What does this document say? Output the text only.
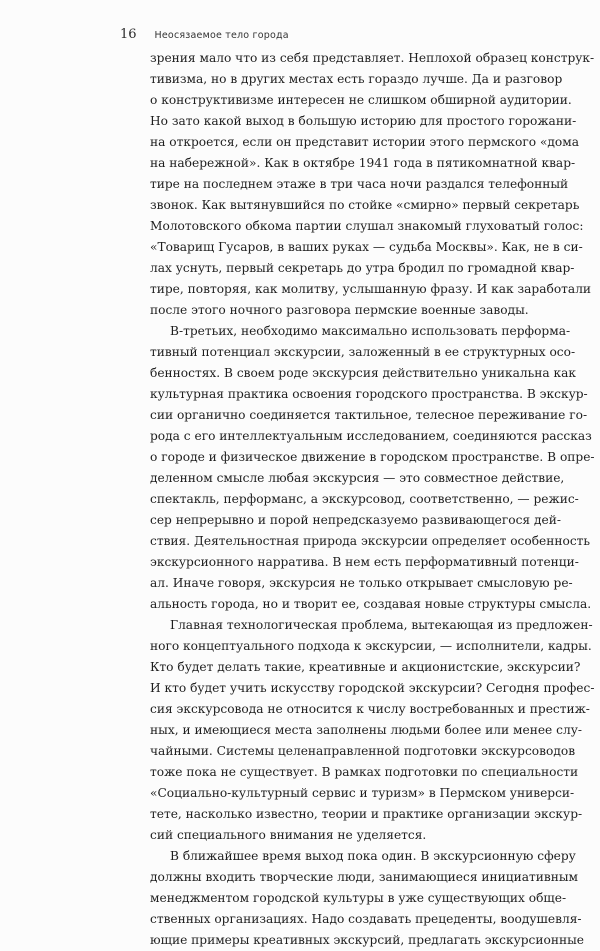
16 Неосязаемое тело города
зрения мало что из себя представляет. Неплохой образец конструк-
тивизма, но в других местах есть гораздо лучше. Да и разговор
о конструктивизме интересен не слишком обширной аудитории.
Но зато какой выход в большую историю для простого горожани-
на откроется, если он представит истории этого пермского «дома
на набережной». Как в октябре 1941 года в пятикомнатной квар-
тире на последнем этаже в три часа ночи раздался телефонный
звонок. Как вытянувшийся по стойке «смирно» первый секретарь
Молотовского обкома партии слушал знакомый глуховатый голос:
«Товарищ Гусаров, в ваших руках — судьба Москвы». Как, не в си-
лах уснуть, первый секретарь до утра бродил по громадной квар-
тире, повторяя, как молитву, услышанную фразу. И как заработали
после этого ночного разговора пермские военные заводы.
В-третьих, необходимо максимально использовать перформа-
тивный потенциал экскурсии, заложенный в ее структурных осо-
бенностях. В своем роде экскурсия действительно уникальна как
культурная практика освоения городского пространства. В экскур-
сии органично соединяется тактильное, телесное переживание го-
рода с его интеллектуальным исследованием, соединяются рассказ
о городе и физическое движение в городском пространстве. В опре-
деленном смысле любая экскурсия — это совместное действие,
спектакль, перформанс, а экскурсовод, соответственно, — режис-
сер непрерывно и порой непредсказуемо развивающегося дей-
ствия. Деятельностная природа экскурсии определяет особенность
экскурсионного нарратива. В нем есть перформативный потенци-
ал. Иначе говоря, экскурсия не только открывает смысловую ре-
альность города, но и творит ее, создавая новые структуры смысла.
Главная технологическая проблема, вытекающая из предложен-
ного концептуального подхода к экскурсии, — исполнители, кадры.
Кто будет делать такие, креативные и акционистские, экскурсии?
И кто будет учить искусству городской экскурсии? Сегодня профес-
сия экскурсовода не относится к числу востребованных и престиж-
ных, и имеющиеся места заполнены людьми более или менее слу-
чайными. Системы целенаправленной подготовки экскурсоводов
тоже пока не существует. В рамках подготовки по специальности
«Социально-культурный сервис и туризм» в Пермском универси-
тете, насколько известно, теории и практике организации экскур-
сий специального внимания не уделяется.
В ближайшее время выход пока один. В экскурсионную сферу
должны входить творческие люди, занимающиеся инициативным
менеджментом городской культуры в уже существующих обще-
ственных организациях. Надо создавать прецеденты, воодушевля-
ющие примеры креативных экскурсий, предлагать экскурсионные
